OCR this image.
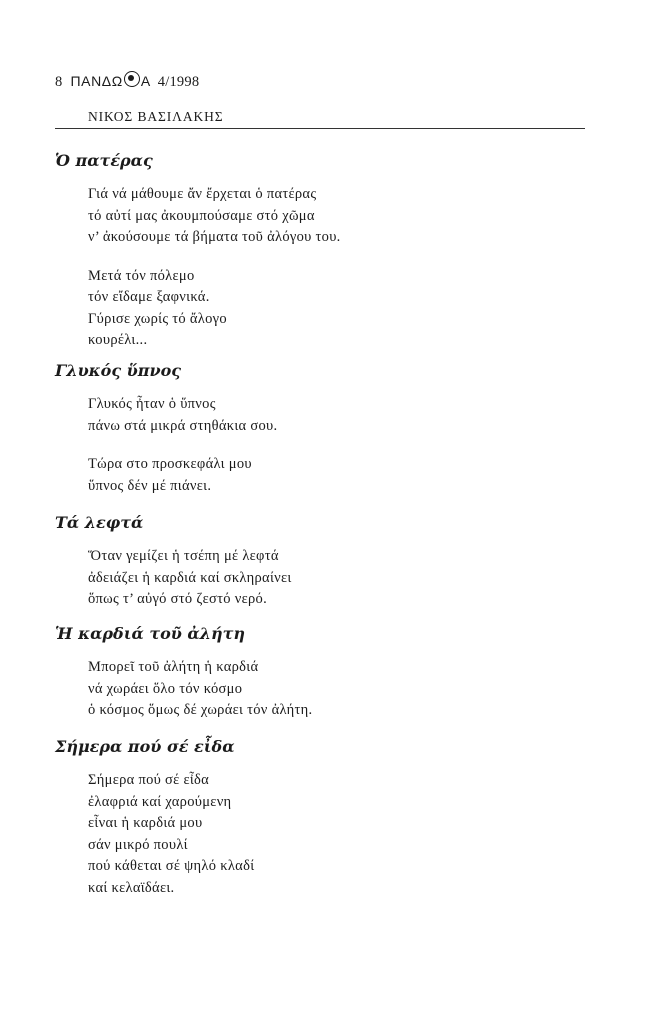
8 ΠΑΝΔΩ Α 4/1998
ΝΙΚΟΣ ΒΑΣΙΛΑΚΗΣ
Ὁ πατέρας
Γιά νά μάθουμε ἄν ἔρχεται ὁ πατέρας
τό αὐτί μας ἀκουμπούσαμε στό χῶμα
ν’ ἀκούσουμε τά βήματα τοῦ ἀλόγου του.
Μετά τόν πόλεμο
τόν εἴδαμε ξαφνικά.
Γύρισε χωρίς τό ἄλογο
κουρέλι...
Γλυκός ὕπνος
Γλυκός ἦταν ὁ ὕπνος
πάνω στά μικρά στηθάκια σου.
Τώρα στο προσκεφάλι μου
ὕπνος δέν μέ πιάνει.
Τά λεφτά
Ὅταν γεμίζει ἡ τσέπη μέ λεφτά
ἀδειάζει ἡ καρδιά καί σκληραίνει
ὅπως τ’ αὐγό στό ζεστό νερό.
Ἡ καρδιά τοῦ ἀλήτη
Μπορεῖ τοῦ ἀλήτη ἡ καρδιά
νά χωράει ὅλο τόν κόσμο
ὁ κόσμος ὅμως δέ χωράει τόν ἀλήτη.
Σήμερα πού σέ εἶδα
Σήμερα πού σέ εἶδα
ἐλαφριά καί χαρούμενη
εἶναι ἡ καρδιά μου
σάν μικρό πουλί
πού κάθεται σέ ψηλό κλαδί
καί κελαϊδάει.
